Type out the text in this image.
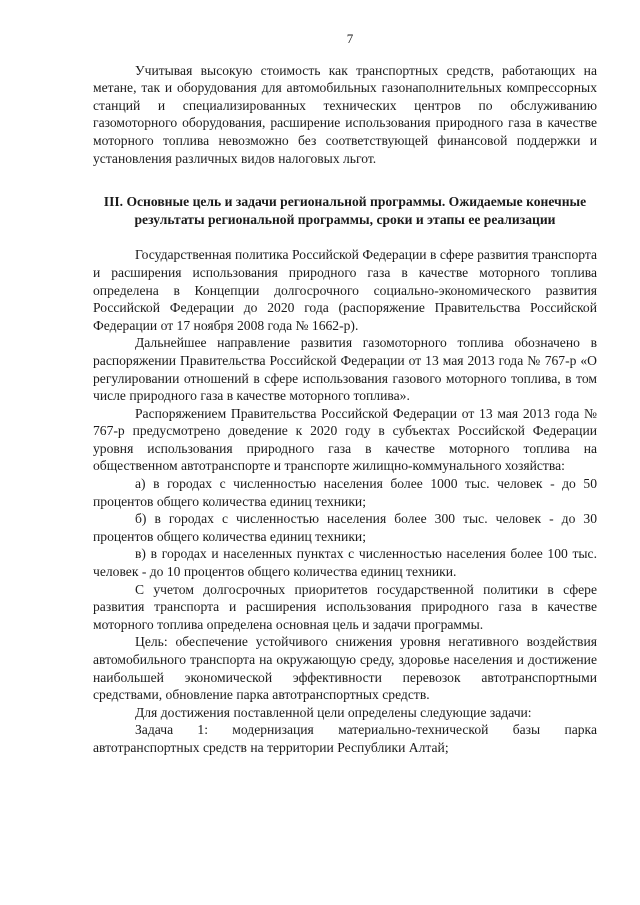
7

Учитывая высокую стоимость как транспортных средств, работающих на метане, так и оборудования для автомобильных газонаполнительных компрессорных станций и специализированных технических центров по обслуживанию газомоторного оборудования, расширение использования природного газа в качестве моторного топлива невозможно без соответствующей финансовой поддержки и установления различных видов налоговых льгот.

III. Основные цель и задачи региональной программы. Ожидаемые конечные результаты региональной программы, сроки и этапы ее реализации

Государственная политика Российской Федерации в сфере развития транспорта и расширения использования природного газа в качестве моторного топлива определена в Концепции долгосрочного социально-экономического развития Российской Федерации до 2020 года (распоряжение Правительства Российской Федерации от 17 ноября 2008 года № 1662-р).

Дальнейшее направление развития газомоторного топлива обозначено в распоряжении Правительства Российской Федерации от 13 мая 2013 года № 767-р «О регулировании отношений в сфере использования газового моторного топлива, в том числе природного газа в качестве моторного топлива».

Распоряжением Правительства Российской Федерации от 13 мая 2013 года № 767-р предусмотрено доведение к 2020 году в субъектах Российской Федерации уровня использования природного газа в качестве моторного топлива на общественном автотранспорте и транспорте жилищно-коммунального хозяйства:

а) в городах с численностью населения более 1000 тыс. человек - до 50 процентов общего количества единиц техники;

б) в городах с численностью населения более 300 тыс. человек - до 30 процентов общего количества единиц техники;

в) в городах и населенных пунктах с численностью населения более 100 тыс. человек - до 10 процентов общего количества единиц техники.

С учетом долгосрочных приоритетов государственной политики в сфере развития транспорта и расширения использования природного газа в качестве моторного топлива определена основная цель и задачи программы.

Цель: обеспечение устойчивого снижения уровня негативного воздействия автомобильного транспорта на окружающую среду, здоровье населения и достижение наибольшей экономической эффективности перевозок автотранспортными средствами, обновление парка автотранспортных средств.

Для достижения поставленной цели определены следующие задачи:

Задача 1: модернизация материально-технической базы парка автотранспортных средств на территории Республики Алтай;
